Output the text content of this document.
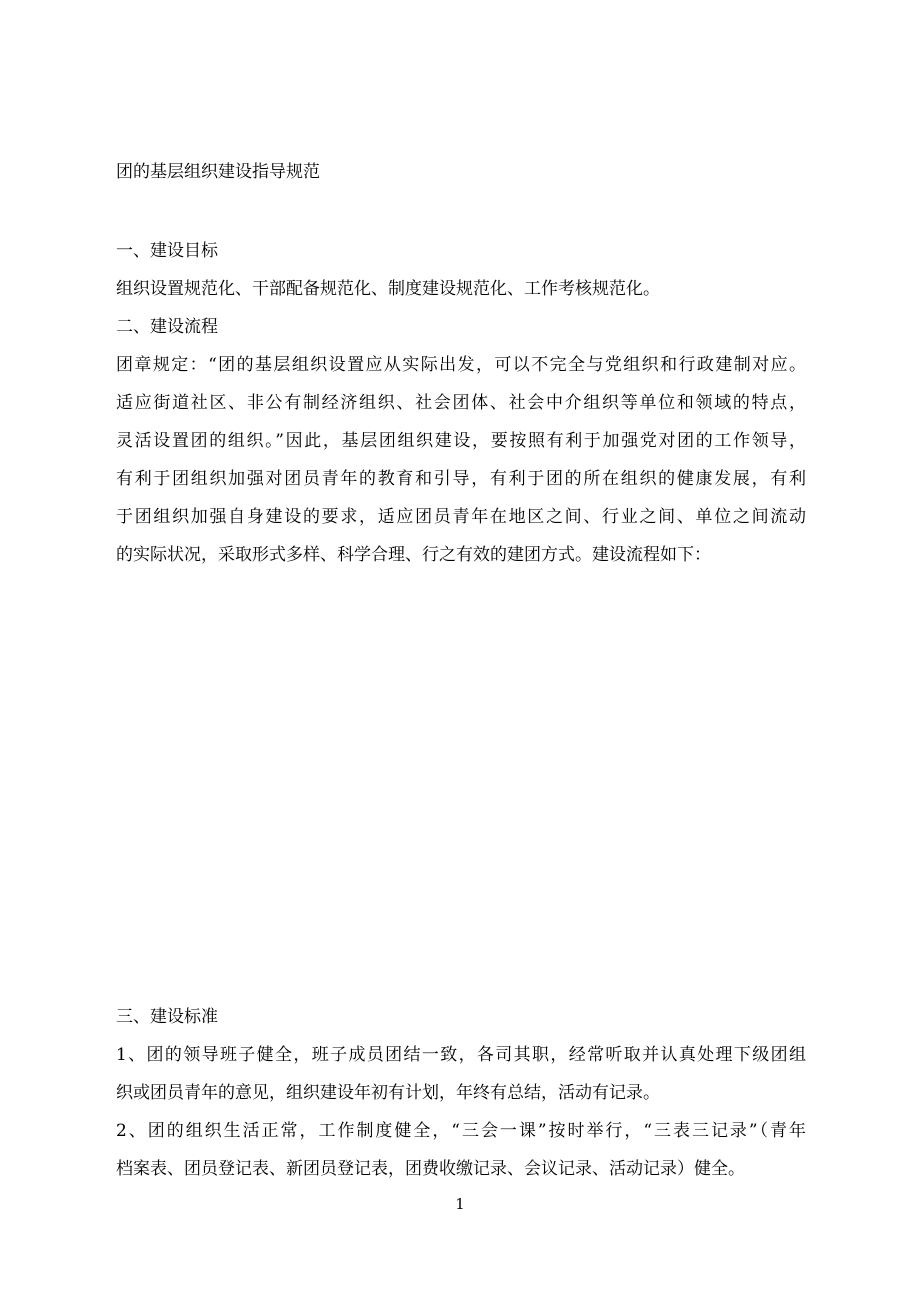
团的基层组织建设指导规范
一、建设目标
组织设置规范化、干部配备规范化、制度建设规范化、工作考核规范化。
二、建设流程
团章规定：“团的基层组织设置应从实际出发，可以不完全与党组织和行政建制对应。
适应街道社区、非公有制经济组织、社会团体、社会中介组织等单位和领域的特点，
灵活设置团的组织。”因此，基层团组织建设，要按照有利于加强党对团的工作领导，
有利于团组织加强对团员青年的教育和引导，有利于团的所在组织的健康发展，有利
于团组织加强自身建设的要求，适应团员青年在地区之间、行业之间、单位之间流动
的实际状况，采取形式多样、科学合理、行之有效的建团方式。建设流程如下：
三、建设标准
1、团的领导班子健全，班子成员团结一致，各司其职，经常听取并认真处理下级团组
织或团员青年的意见，组织建设年初有计划，年终有总结，活动有记录。
2、团的组织生活正常，工作制度健全，“三会一课”按时举行，“三表三记录”（青年
档案表、团员登记表、新团员登记表，团费收缴记录、会议记录、活动记录）健全。
1
